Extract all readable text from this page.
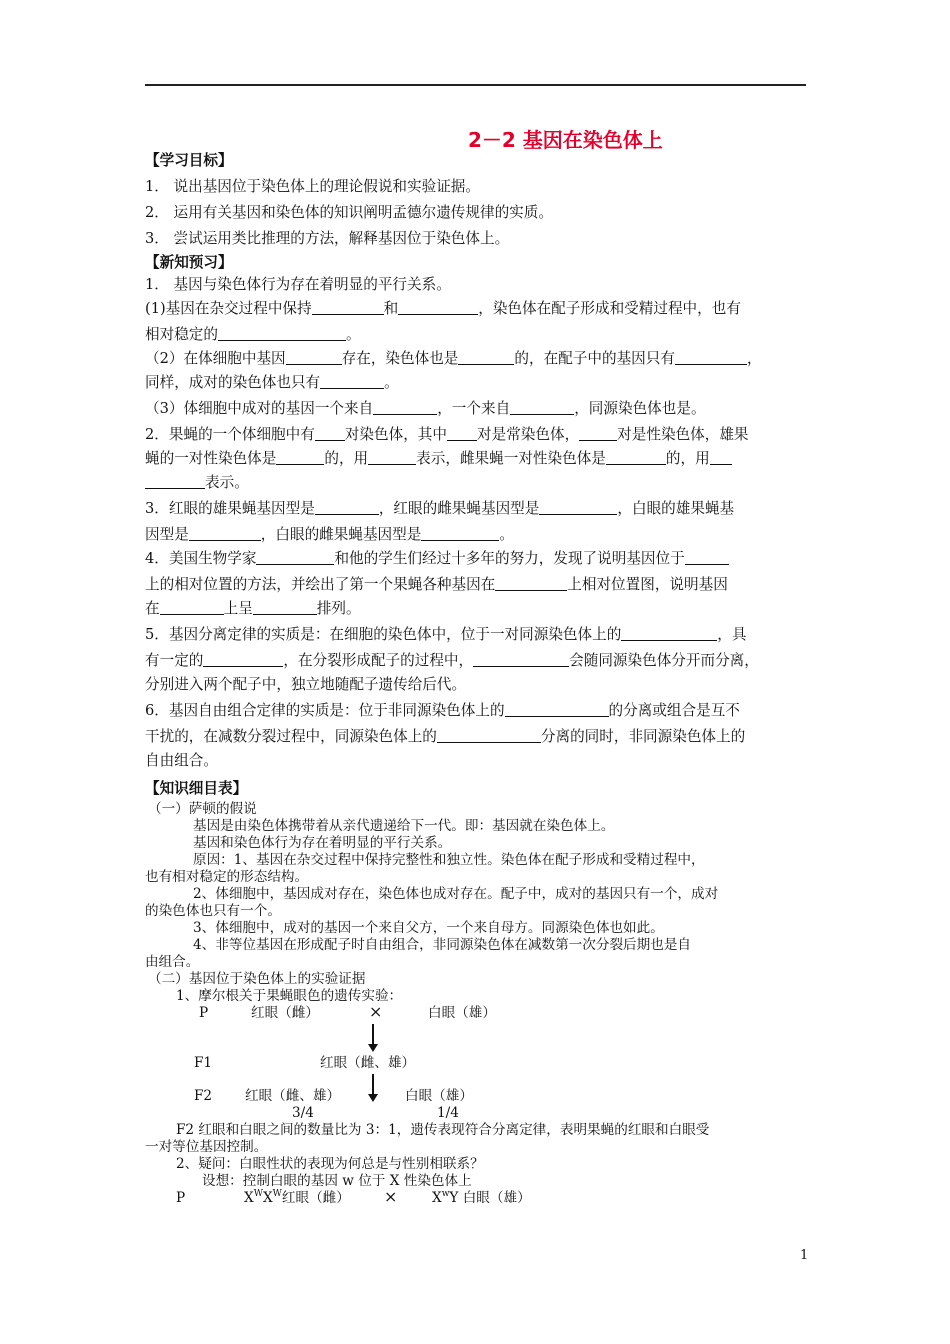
2－2 基因在染色体上
【学习目标】
1． 说出基因位于染色体上的理论假说和实验证据。
2． 运用有关基因和染色体的知识阐明孟德尔遗传规律的实质。
3． 尝试运用类比推理的方法，解释基因位于染色体上。
【新知预习】
1． 基因与染色体行为存在着明显的平行关系。
(1)基因在杂交过程中保持	和	，染色体在配子形成和受精过程中，也有
相对稳定的	。
（2）在体细胞中基因	存在，染色体也是	的，在配子中的基因只有	，
同样，成对的染色体也只有	。
（3）体细胞中成对的基因一个来自	，一个来自	，同源染色体也是。
2．果蝇的一个体细胞中有 对染色体，其中 对是常染色体，	对是性染色体，雄果
蝇的一对性染色体是	的，用	表示，雌果蝇一对性染色体是	的，用
表示。
3．红眼的雄果蝇基因型是	，红眼的雌果蝇基因型是	，白眼的雄果蝇基
因型是	，白眼的雌果蝇基因型是	。
4．美国生物学家	和他的学生们经过十多年的努力，发现了说明基因位于
上的相对位置的方法，并绘出了第一个果蝇各种基因在	上相对位置图，说明基因
在	上呈	排列。
5．基因分离定律的实质是：在细胞的染色体中，位于一对同源染色体上的	，具
有一定的	，在分裂形成配子的过程中，	会随同源染色体分开而分离，
分别进入两个配子中，独立地随配子遗传给后代。
6．基因自由组合定律的实质是：位于非同源染色体上的	的分离或组合是互不
干扰的，在减数分裂过程中，同源染色体上的	分离的同时，非同源染色体上的
自由组合。
【知识细目表】
（一）萨顿的假说
基因是由染色体携带着从亲代遗递给下一代。即：基因就在染色体上。
基因和染色体行为存在着明显的平行关系。
原因：1、基因在杂交过程中保持完整性和独立性。染色体在配子形成和受精过程中，
也有相对稳定的形态结构。
2、体细胞中，基因成对存在，染色体也成对存在。配子中，成对的基因只有一个，成对
的染色体也只有一个。
3、体细胞中，成对的基因一个来自父方，一个来自母方。同源染色体也如此。
4、非等位基因在形成配子时自由组合，非同源染色体在减数第一次分裂后期也是自
由组合。
（二）基因位于染色体上的实验证据
1、摩尔根关于果蝇眼色的遗传实验：
P	红眼（雌）	×	白眼（雄）
F1	红眼（雌、雄）
F2 红眼（雌、雄）	白眼（雄）
3/4	1/4
F2 红眼和白眼之间的数量比为 3：1，遗传表现符合分离定律，表明果蝇的红眼和白眼受
一对等位基因控制。
2、疑问：白眼性状的表现为何总是与性别相联系？
设想：控制白眼的基因 w 位于 X 性染色体上
P	$X^WX^W$红眼（雌） ×	$X^wY$ 白眼（雄）
1
